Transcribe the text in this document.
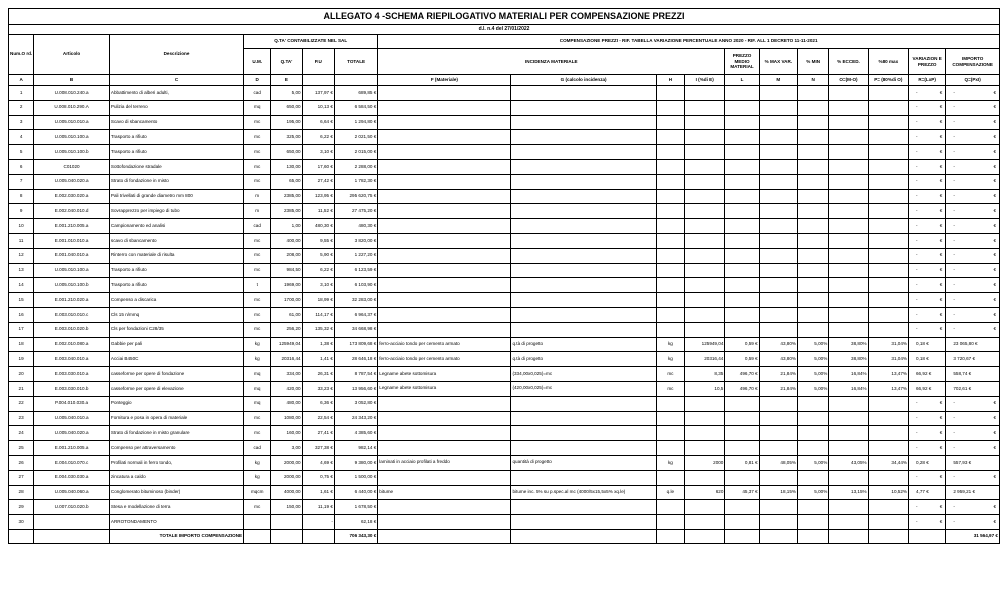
ALLEGATO 4 -SCHEMA RIEPILOGATIVO MATERIALI PER COMPENSAZIONE PREZZI																	
d.l. n.4 del 27/01/2022																	
Num.O rd.	Articolo	Descrizione	Q.TA' CONTABILIZZATE NEL SAL				COMPENSAZIONE PREZZI - RIF. TABELLA VARIAZIONE PERCENTUALE ANNO 2020 - RIF. ALL 1 DECRETO 11-11-2021										
			U.M.	Q.TA'	P.U	TOTALE	INCIDENZA MATERIALE				PREZZO MEDIO MATERIAL	% MAX VAR.	% MIN	% ECCED.	%80 max	VARIAZION E PREZZO	IMPORTO COMPENSAZIONE
A	B	C	D	E			F (Materiale)	G (calcolo incidenza)	H	I (%di E)	L	M	N	O=(M-O)	P= (80%di O)	R=(LxP)	Q=(PxI)
1	U.008.010.240.a	Abbattimento di alberi adulti,	cad	5,00	137,97 €	689,85 €										- €	- €

2	U.008.010.290.A	Pulizia del terreno	mq	650,00	10,13 €	6 584,50 €										- €	- €

3	U.005.010.010.a	Scavo di sbancamento	mc	195,00	6,64 €	1 294,80 €										- €	- €

4	U.005.010.100.a	Trasporto a rifiuto	mc	325,00	6,22 €	2 021,50 €										- €	- €

5	U.005.010.100.b	Trasporto a rifiuto	mc	650,00	3,10 €	2 015,00 €										- €	- €

6	C01020	Sottofondazione stradale	mc	130,00	17,60 €	2 288,00 €										- €	- €

7	U.005.040.020.a	Strato di fondazione in misto	mc	65,00	27,42 €	1 782,30 €										- €	- €

8	E.002.030.020.a	Pali trivellati di grande diametro mm 800	m	2385,00	123,95 €	295 620,75 €										- €	- €

9	E.002.040.010.d	Sovrapprezzo per impiego di tubo	m	2385,00	11,52 €	27 475,20 €										- €	- €

10	E.001.210.005.a	Campionamento ed analisi	cad	1,00	480,30 €	480,30 €										- €	- €

11	E.001.010.010.a	scavo di sbancamento	mc	400,00	9,55 €	3 820,00 €										- €	- €

12	E.001.040.010.a	Rinterro con materiale di risulta	mc	208,00	5,90 €	1 227,20 €										- €	- €

13	U.005.010.100.a	Trasporto a rifiuto	mc	984,50	6,22 €	6 123,59 €										- €	- €

14	U.005.010.100.b	Trasporto a rifiuto	t	1969,00	3,10 €	6 103,90 €										- €	- €

15	E.001.210.020.a	Compenso a discarica	mc	1700,00	18,99 €	32 283,00 €										- €	- €

16	E.003.010.010.c	Cls 15 n/mmq	mc	61,00	114,17 €	6 964,37 €										- €	- €

17	E.003.010.020.b	Cls per fondazioni C28/35	mc	256,20	135,32 €	34 668,98 €										- €	- €

18	E.002.010.080.a	Gabbie per pali	kg	125949,04	1,38 €	173 809,68 €	ferro-acciaio tondo per cemento armato	q.tà di progetto	kg	125949,04	0,59 €	43,80%	5,00%	38,80%	31,04%	0,18 €	23 065,80 €

19	E.003.040.010.a	Acciai B450C	kg	20316,44	1,41 €	28 646,18 €	ferro-acciaio tondo per cemento armato	q.tà di progetto	kg	20316,44	0,59 €	43,80%	5,00%	38,80%	31,04%	0,18 €	3 720,67 €

20	E.003.030.010.a	casseforme per opere di fondazione	mq	334,00	26,31 €	8 787,54 €	Legname abete sottomisura	(334,00x0,025)=mc	mc	8,35	496,70 €	21,84%	5,00%	16,84%	13,47%	66,92 €	558,74 €

21	E.003.030.010.b	casseforme per opere di elevazione	mq	420,00	33,23 €	13 956,60 €	Legname abete sottomisura	(420,00x0,025)=mc	mc	10,5	496,70 €	21,84%	5,00%	16,84%	13,47%	66,92 €	702,61 €

22	P.004.010.030.a	Ponteggio	mq	480,00	6,36 €	3 052,80 €										- €	- €

23	U.005.040.010.a	Fornitura e posa in opera di materiale	mc	1080,00	22,54 €	24 343,20 €										- €	- €

24	U.005.040.020.a	Strato di fondazione in misto granulare	mc	160,00	27,41 €	4 385,60 €										- €	- €

25	E.001.210.005.a	Compenso per attraversamento	cad	3,00	327,38 €	982,14 €										- €	- €

26	E.004.010.070.c	Profilati normali in ferro tondo,	kg	2000,00	4,69 €	9 380,00 €	laminati in acciaio profilati a freddo	quantità di progetto	kg	2000	0,81 €	48,05%	5,00%	43,05%	34,44%	0,28 €	557,93 €

27	E.004.030.030.a	zincatura a caldo	kg	2000,00	0,75 €	1 500,00 €										- €	- €

28	U.005.040.060.a	Conglomerato bituminoso (binder)	mqcm	4000,00	1,61 €	6 440,00 €	bitume	bitume inc. 5% su p.spec.al mc (4000/5x15,5x5% xq.le)	q.le	620	45,37 €	18,15%	5,00%	13,15%	10,52%	4,77 €	2 959,21 €

29	U.007.010.020.b	Stesa e modellazione di terra	mc	150,00	11,19 €	1 678,50 €										- €	- €

30		ARROTONDAMENTO			-	62,18 €										- €	- €

		TOTALE IMPORTO COMPENSAZIONE				706 343,30 €											31 564,97 €
